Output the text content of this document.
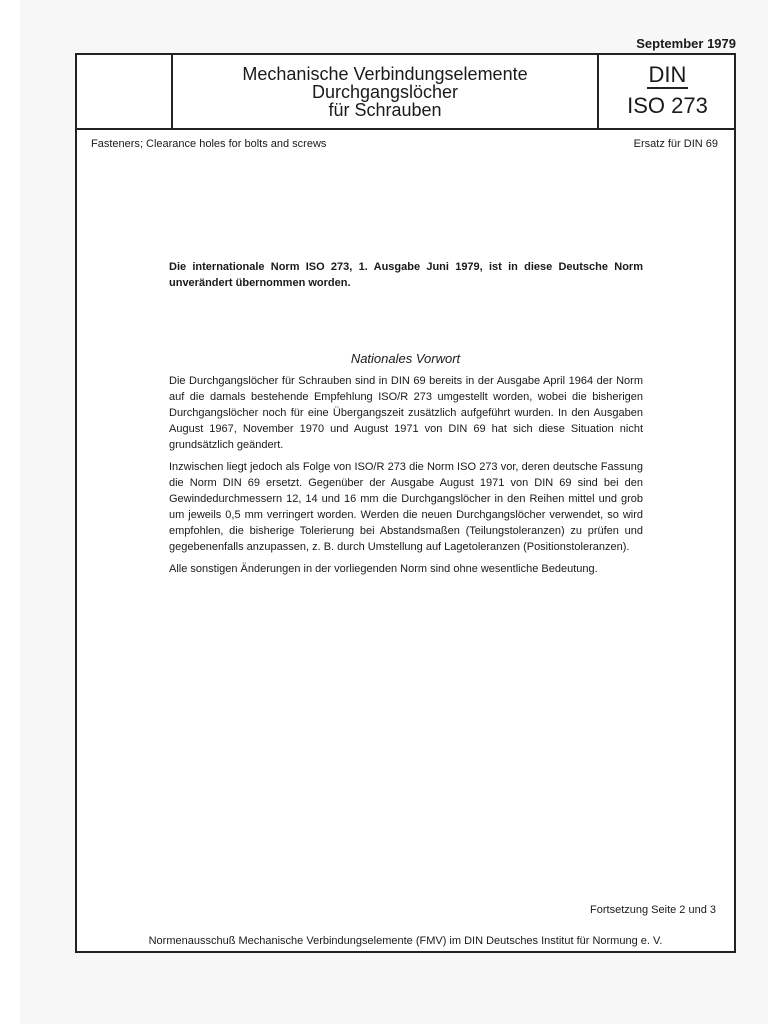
September 1979
Mechanische Verbindungselemente
Durchgangslöcher
für Schrauben
DIN
ISO 273
Fasteners; Clearance holes for bolts and screws	Ersatz für DIN 69
Die internationale Norm ISO 273, 1. Ausgabe Juni 1979, ist in diese Deutsche Norm unverändert übernommen worden.
Nationales Vorwort

Die Durchgangslöcher für Schrauben sind in DIN 69 bereits in der Ausgabe April 1964 der Norm auf die damals bestehende Empfehlung ISO/R 273 umgestellt worden, wobei die bisherigen Durchgangslöcher noch für eine Übergangszeit zusätzlich aufgeführt wurden. In den Ausgaben August 1967, November 1970 und August 1971 von DIN 69 hat sich diese Situation nicht grundsätzlich geändert.

Inzwischen liegt jedoch als Folge von ISO/R 273 die Norm ISO 273 vor, deren deutsche Fassung die Norm DIN 69 ersetzt. Gegenüber der Ausgabe August 1971 von DIN 69 sind bei den Gewindedurchmessern 12, 14 und 16 mm die Durchgangslöcher in den Reihen mittel und grob um jeweils 0,5 mm verringert worden. Werden die neuen Durchgangslöcher verwendet, so wird empfohlen, die bisherige Tolerierung bei Abstandsmaßen (Teilungstoleranzen) zu prüfen und gegebenenfalls anzupassen, z. B. durch Umstellung auf Lagetoleranzen (Positionstoleranzen).

Alle sonstigen Änderungen in der vorliegenden Norm sind ohne wesentliche Bedeutung.

Fortsetzung Seite 2 und 3
Normenausschuß Mechanische Verbindungselemente (FMV) im DIN Deutsches Institut für Normung e. V.
